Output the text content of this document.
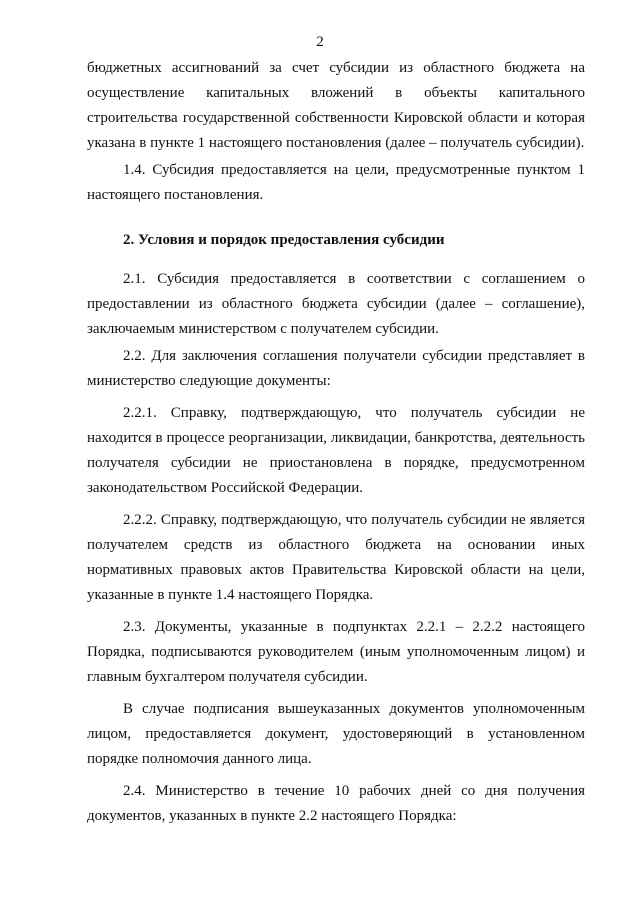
2

бюджетных ассигнований за счет субсидии из областного бюджета на осуществление капитальных вложений в объекты капитального строительства государственной собственности Кировской области и которая указана в пункте 1 настоящего постановления (далее – получатель субсидии).

1.4. Субсидия предоставляется на цели, предусмотренные пунктом 1 настоящего постановления.

2. Условия и порядок предоставления субсидии

2.1. Субсидия предоставляется в соответствии с соглашением о предоставлении из областного бюджета субсидии (далее – соглашение), заключаемым министерством с получателем субсидии.

2.2. Для заключения соглашения получатели субсидии представляет в министерство следующие документы:

2.2.1. Справку, подтверждающую, что получатель субсидии не находится в процессе реорганизации, ликвидации, банкротства, деятельность получателя субсидии не приостановлена в порядке, предусмотренном законодательством Российской Федерации.

2.2.2. Справку, подтверждающую, что получатель субсидии не является получателем средств из областного бюджета на основании иных нормативных правовых актов Правительства Кировской области на цели, указанные в пункте 1.4 настоящего Порядка.

2.3. Документы, указанные в подпунктах 2.2.1 – 2.2.2 настоящего Порядка, подписываются руководителем (иным уполномоченным лицом) и главным бухгалтером получателя субсидии.

В случае подписания вышеуказанных документов уполномоченным лицом, предоставляется документ, удостоверяющий в установленном порядке полномочия данного лица.

2.4. Министерство в течение 10 рабочих дней со дня получения документов, указанных в пункте 2.2 настоящего Порядка:
